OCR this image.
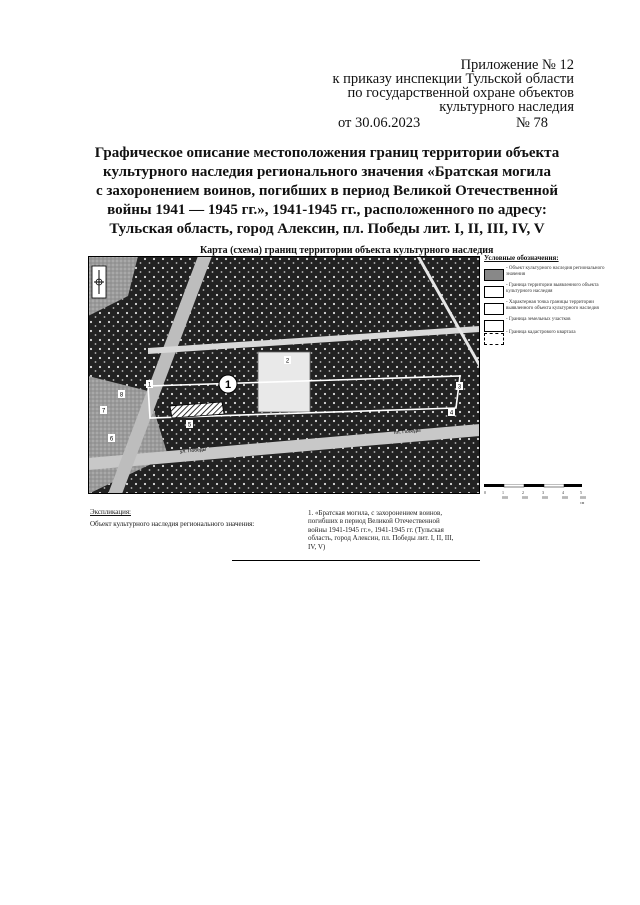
Приложение № 12
к приказу инспекции Тульской области
по государственной охране объектов
культурного наследия
от 30.06.2023	№ 78
Графическое описание местоположения границ территории объекта
культурного наследия регионального значения «Братская могила
с захоронением воинов, погибших в период Великой Отечественной
войны 1941 — 1945 гг.», 1941-1945 гг., расположенного по адресу:
Тульская область, город Алексин, пл. Победы лит. I, II, III, IV, V
Карта (схема) границ территории объекта культурного наследия
1
1
2
3
4
5
6
7
8
пл. Победы
ул. Победы
Условные обозначения:
- Объект культурного наследия регионального значения
- Граница территории выявленного объекта культурного наследия
- Характерная точка границы территории выявленного объекта культурного наследия
- Граница земельных участков
- Граница кадастрового квартала
0	1 000
2 000
3 000
4 000
5 000 см
Экспликация:
Объект культурного наследия регионального значения:
1. «Братская могила, с захоронением воинов, погибших в период Великой Отечественной войны 1941-1945 гг.», 1941-1945 гг. (Тульская область, город Алексин, пл. Победы лит. I, II, III, IV, V)
